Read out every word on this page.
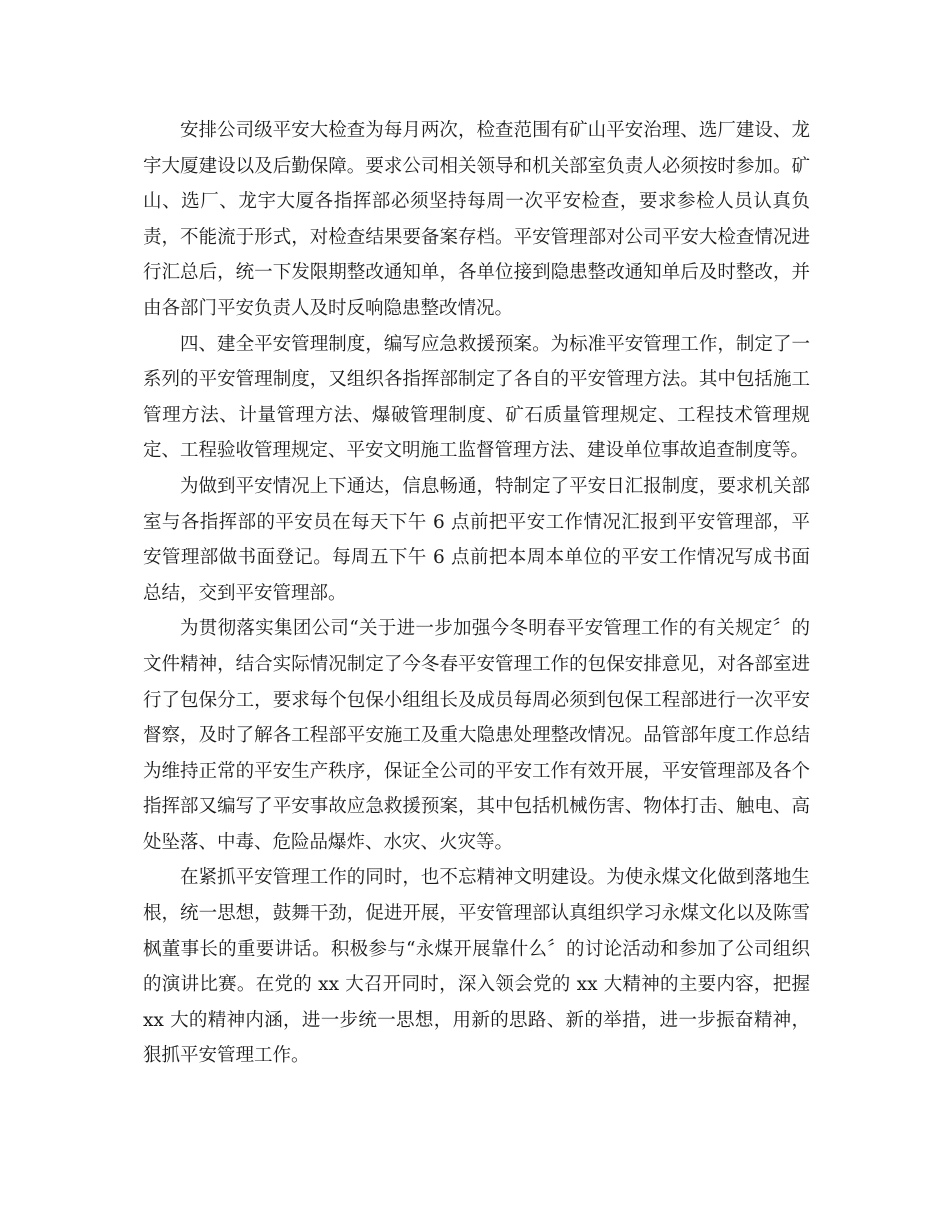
安排公司级平安大检查为每月两次，检查范围有矿山平安治理、选厂建设、龙宇大厦建设以及后勤保障。要求公司相关领导和机关部室负责人必须按时参加。矿山、选厂、龙宇大厦各指挥部必须坚持每周一次平安检查，要求参检人员认真负责，不能流于形式，对检查结果要备案存档。平安管理部对公司平安大检查情况进行汇总后，统一下发限期整改通知单，各单位接到隐患整改通知单后及时整改，并由各部门平安负责人及时反响隐患整改情况。

四、建全平安管理制度，编写应急救援预案。为标准平安管理工作，制定了一系列的平安管理制度，又组织各指挥部制定了各自的平安管理方法。其中包括施工管理方法、计量管理方法、爆破管理制度、矿石质量管理规定、工程技术管理规定、工程验收管理规定、平安文明施工监督管理方法、建设单位事故追查制度等。

为做到平安情况上下通达，信息畅通，特制定了平安日汇报制度，要求机关部室与各指挥部的平安员在每天下午 6 点前把平安工作情况汇报到平安管理部，平安管理部做书面登记。每周五下午 6 点前把本周本单位的平安工作情况写成书面总结，交到平安管理部。

为贯彻落实集团公司“关于进一步加强今冬明春平安管理工作的有关规定〞的文件精神，结合实际情况制定了今冬春平安管理工作的包保安排意见，对各部室进行了包保分工，要求每个包保小组组长及成员每周必须到包保工程部进行一次平安督察，及时了解各工程部平安施工及重大隐患处理整改情况。品管部年度工作总结为维持正常的平安生产秩序，保证全公司的平安工作有效开展，平安管理部及各个指挥部又编写了平安事故应急救援预案，其中包括机械伤害、物体打击、触电、高处坠落、中毒、危险品爆炸、水灾、火灾等。

在紧抓平安管理工作的同时，也不忘精神文明建设。为使永煤文化做到落地生根，统一思想，鼓舞干劲，促进开展，平安管理部认真组织学习永煤文化以及陈雪枫董事长的重要讲话。积极参与“永煤开展靠什么〞的讨论活动和参加了公司组织的演讲比赛。在党的 xx 大召开同时，深入领会党的 xx 大精神的主要内容，把握 xx 大的精神内涵，进一步统一思想，用新的思路、新的举措，进一步振奋精神，狠抓平安管理工作。
